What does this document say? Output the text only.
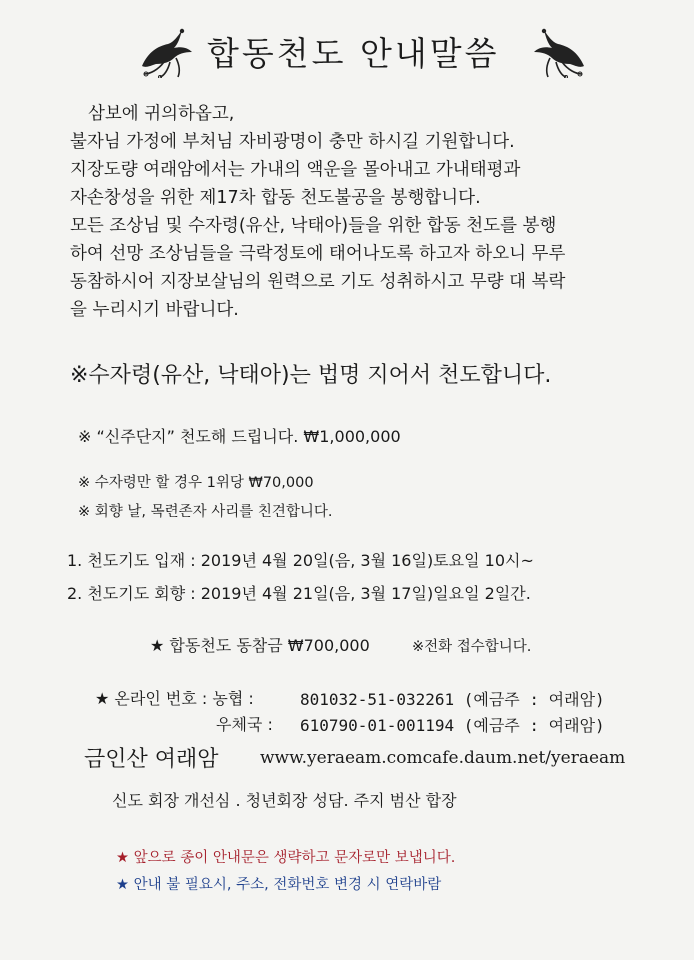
합동천도 안내말씀

삼보에 귀의하옵고,

불자님 가정에 부처님 자비광명이 충만 하시길 기원합니다.

지장도량 여래암에서는 가내의 액운을 몰아내고 가내태평과

자손창성을 위한 제17차 합동 천도불공을 봉행합니다.

모든 조상님 및 수자령(유산, 낙태아)들을 위한 합동 천도를 봉행

하여 선망 조상님들을 극락정토에 태어나도록 하고자 하오니 무루

동참하시어 지장보살님의 원력으로 기도 성취하시고 무량 대 복락

을 누리시기 바랍니다.

※수자령(유산, 낙태아)는 법명 지어서 천도합니다.
※ “신주단지” 천도해 드립니다. ₩1,000,000
※ 수자령만 할 경우 1위당 ₩70,000
※ 회향 날, 목련존자 사리를 친견합니다.
1. 천도기도 입재 : 2019년 4월 20일(음, 3월 16일)토요일 10시~
2. 천도기도 회향 : 2019년 4월 21일(음, 3월 17일)일요일 2일간.
★ 합동천도 동참금 ₩700,000	※전화 접수합니다.
★ 온라인 번호 : 농협 :	801032-51-032261 (예금주 : 여래암)
우체국 : 610790-01-001194 (예금주 : 여래암)
금인산 여래암 www.yeraeam.comcafe.daum.net/yeraeam
신도 회장 개선심 . 청년회장 성담. 주지 범산 합장
★ 앞으로 종이 안내문은 생략하고 문자로만 보냅니다.
★ 안내 불 필요시, 주소, 전화번호 변경 시 연락바람
